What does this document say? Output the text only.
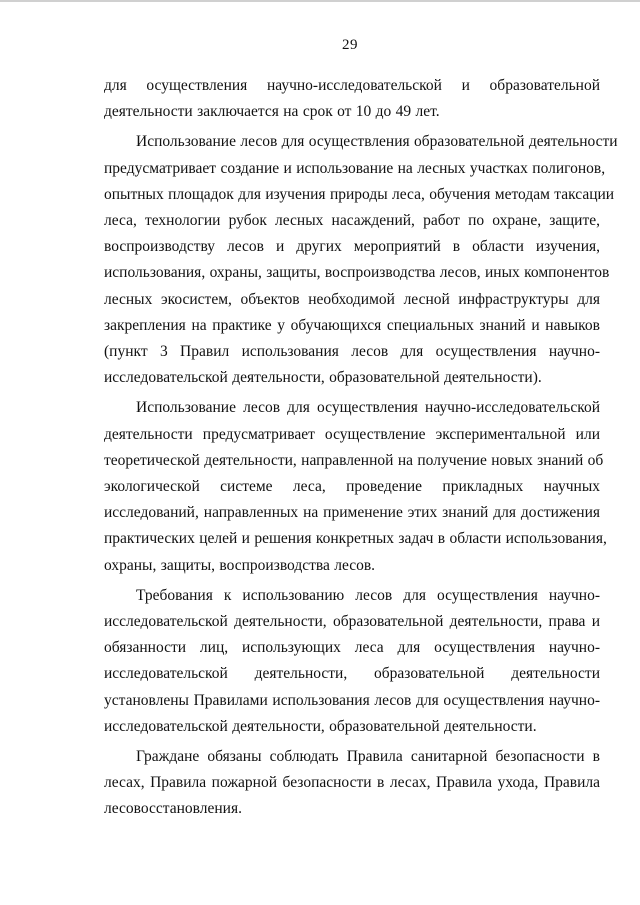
29
для осуществления научно-исследовательской и образовательной
деятельности заключается на срок от 10 до 49 лет.
Использование лесов для осуществления образовательной деятельности
предусматривает создание и использование на лесных участках полигонов,
опытных площадок для изучения природы леса, обучения методам таксации
леса, технологии рубок лесных насаждений, работ по охране, защите,
воспроизводству лесов и других мероприятий в области изучения,
использования, охраны, защиты, воспроизводства лесов, иных компонентов
лесных экосистем, объектов необходимой лесной инфраструктуры для
закрепления на практике у обучающихся специальных знаний и навыков
(пункт 3 Правил использования лесов для осуществления научно-
исследовательской деятельности, образовательной деятельности).
Использование лесов для осуществления научно-исследовательской
деятельности предусматривает осуществление экспериментальной или
теоретической деятельности, направленной на получение новых знаний об
экологической системе леса, проведение прикладных научных
исследований, направленных на применение этих знаний для достижения
практических целей и решения конкретных задач в области использования,
охраны, защиты, воспроизводства лесов.
Требования к использованию лесов для осуществления научно-
исследовательской деятельности, образовательной деятельности, права и
обязанности лиц, использующих леса для осуществления научно-
исследовательской деятельности, образовательной деятельности
установлены Правилами использования лесов для осуществления научно-
исследовательской деятельности, образовательной деятельности.
Граждане обязаны соблюдать Правила санитарной безопасности в
лесах, Правила пожарной безопасности в лесах, Правила ухода, Правила
лесовосстановления.
